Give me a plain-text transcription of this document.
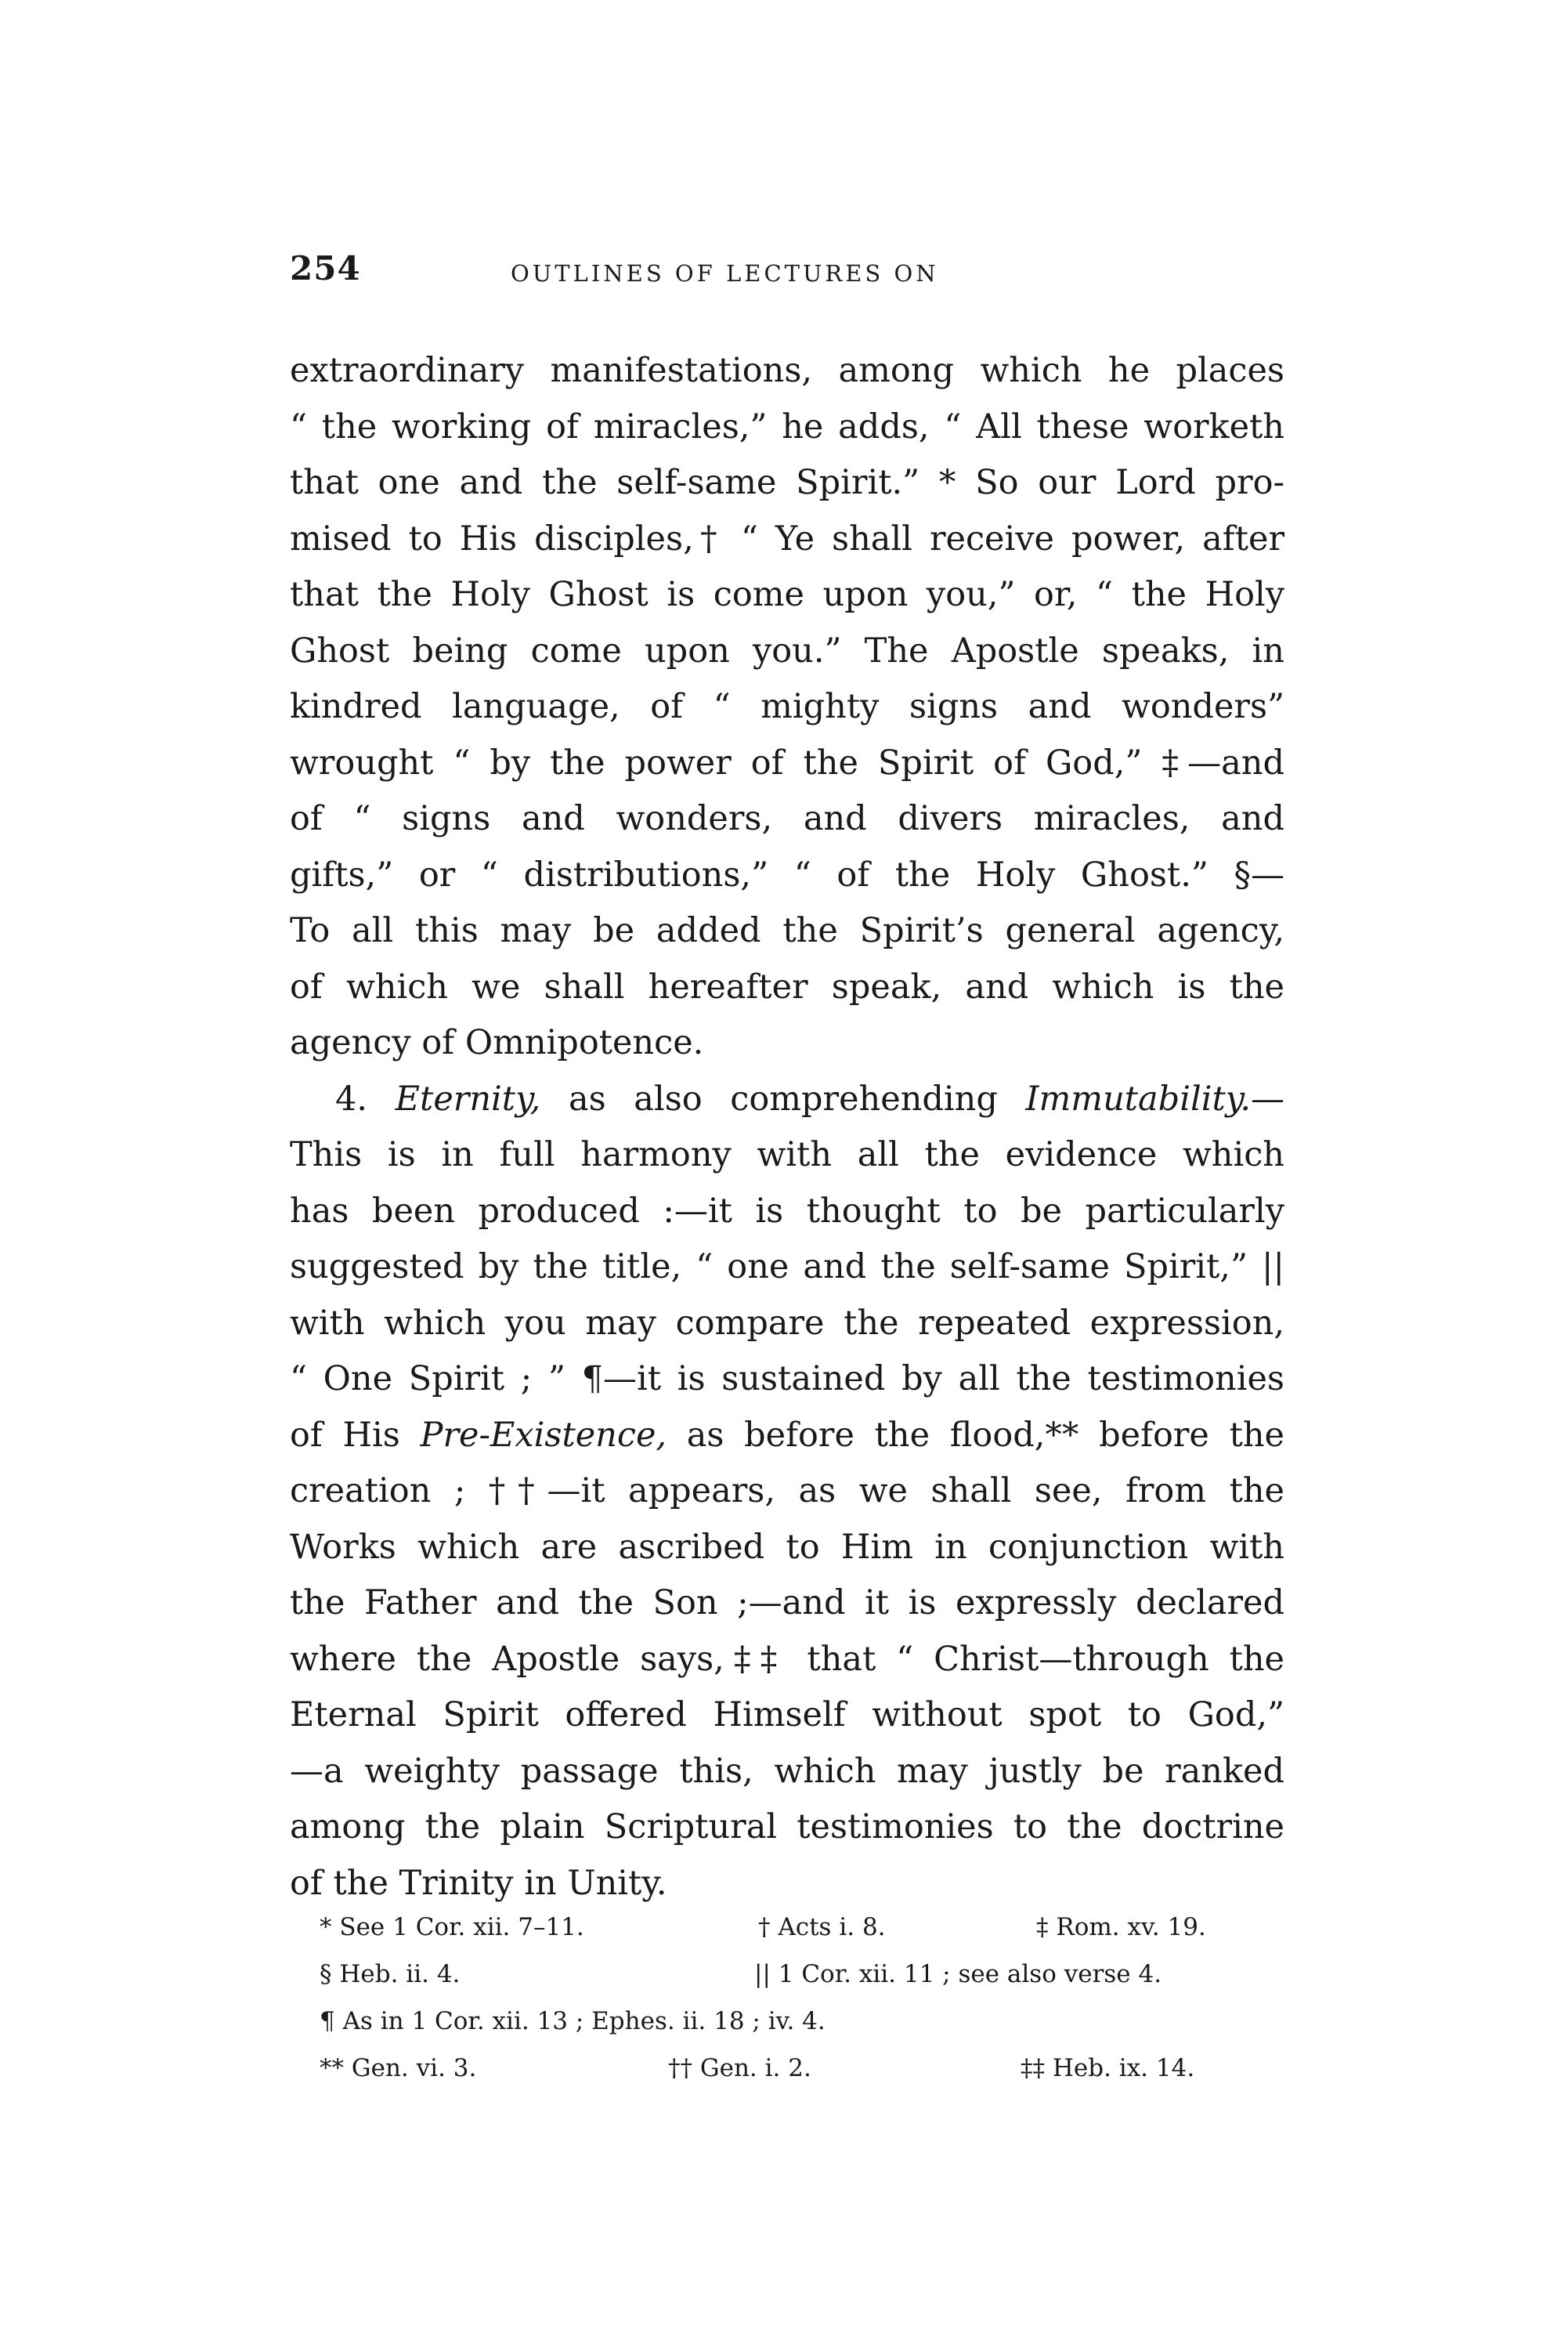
254	OUTLINES OF LECTURES ON
extraordinary manifestations, among which he places
“ the working of miracles,” he adds, “ All these worketh
that one and the self-same Spirit.” * So our Lord pro-
mised to His disciples,† “ Ye shall receive power, after
that the Holy Ghost is come upon you,” or, “ the Holy
Ghost being come upon you.” The Apostle speaks, in
kindred language, of “ mighty signs and wonders”
wrought “ by the power of the Spirit of God,” ‡—and
of “ signs and wonders, and divers miracles, and
gifts,” or “ distributions,” “ of the Holy Ghost.” §—
To all this may be added the Spirit’s general agency,
of which we shall hereafter speak, and which is the
agency of Omnipotence.
4. Eternity, as also comprehending Immutability.—
This is in full harmony with all the evidence which
has been produced :—it is thought to be particularly
suggested by the title, “ one and the self-same Spirit,” ||
with which you may compare the repeated expression,
“ One Spirit ; ” ¶—it is sustained by all the testimonies
of His Pre-Existence, as before the flood,** before the
creation ; ††—it appears, as we shall see, from the
Works which are ascribed to Him in conjunction with
the Father and the Son ;—and it is expressly declared
where the Apostle says,‡‡ that “ Christ—through the
Eternal Spirit offered Himself without spot to God,”
—a weighty passage this, which may justly be ranked
among the plain Scriptural testimonies to the doctrine
of the Trinity in Unity.
* See 1 Cor. xii. 7–11.	† Acts i. 8.	‡ Rom. xv. 19.
§ Heb. ii. 4.	|| 1 Cor. xii. 11 ; see also verse 4.
¶ As in 1 Cor. xii. 13 ; Ephes. ii. 18 ; iv. 4.
** Gen. vi. 3.	†† Gen. i. 2.	‡‡ Heb. ix. 14.
